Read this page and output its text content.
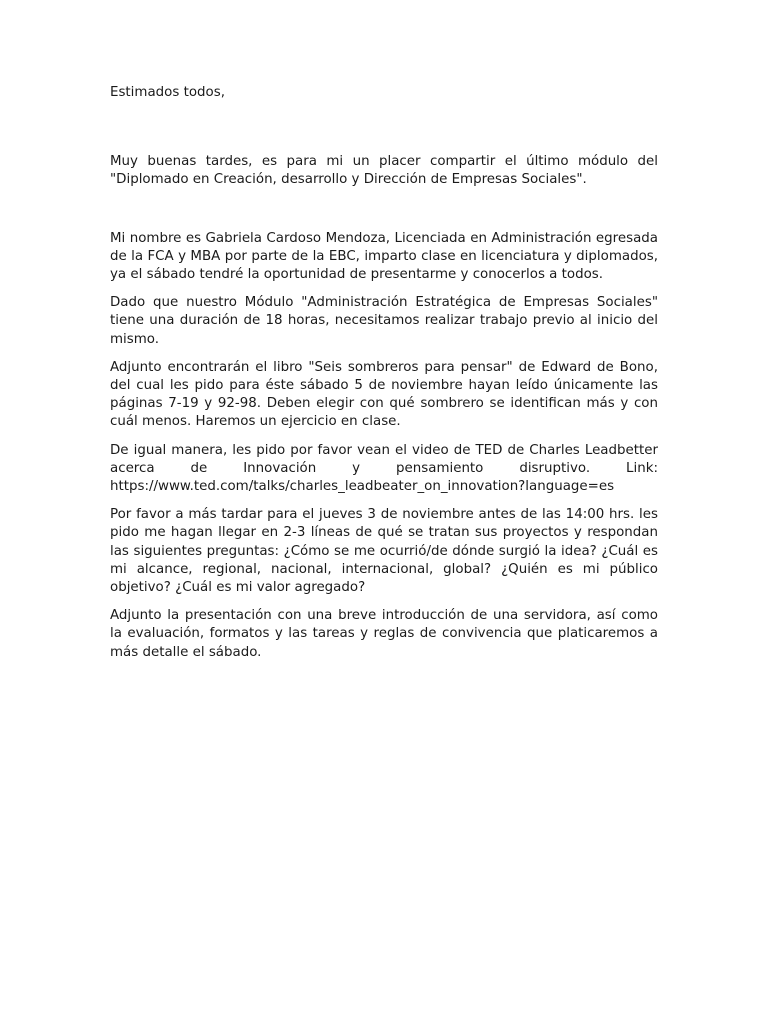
Estimados todos,

Muy buenas tardes, es para mi un placer compartir el último módulo del "Diplomado en Creación, desarrollo y Dirección de Empresas Sociales".

Mi nombre es Gabriela Cardoso Mendoza, Licenciada en Administración egresada de la FCA y MBA por parte de la EBC, imparto clase en licenciatura y diplomados, ya el sábado tendré la oportunidad de presentarme y conocerlos a todos.

Dado que nuestro Módulo "Administración Estratégica de Empresas Sociales" tiene una duración de 18 horas, necesitamos realizar trabajo previo al inicio del mismo.

Adjunto encontrarán el libro "Seis sombreros para pensar" de Edward de Bono, del cual les pido para éste sábado 5 de noviembre hayan leído únicamente las páginas 7-19 y 92-98. Deben elegir con qué sombrero se identifican más y con cuál menos. Haremos un ejercicio en clase.

De igual manera, les pido por favor vean el video de TED de Charles Leadbetter acerca de Innovación y pensamiento disruptivo. Link:

https://www.ted.com/talks/charles_leadbeater_on_innovation?language=es

Por favor a más tardar para el jueves 3 de noviembre antes de las 14:00 hrs. les pido me hagan llegar en 2-3 líneas de qué se tratan sus proyectos y respondan las siguientes preguntas: ¿Cómo se me ocurrió/de dónde surgió la idea? ¿Cuál es mi alcance, regional, nacional, internacional, global? ¿Quién es mi público objetivo? ¿Cuál es mi valor agregado?

Adjunto la presentación con una breve introducción de una servidora, así como la evaluación, formatos y las tareas y reglas de convivencia que platicaremos a más detalle el sábado.
